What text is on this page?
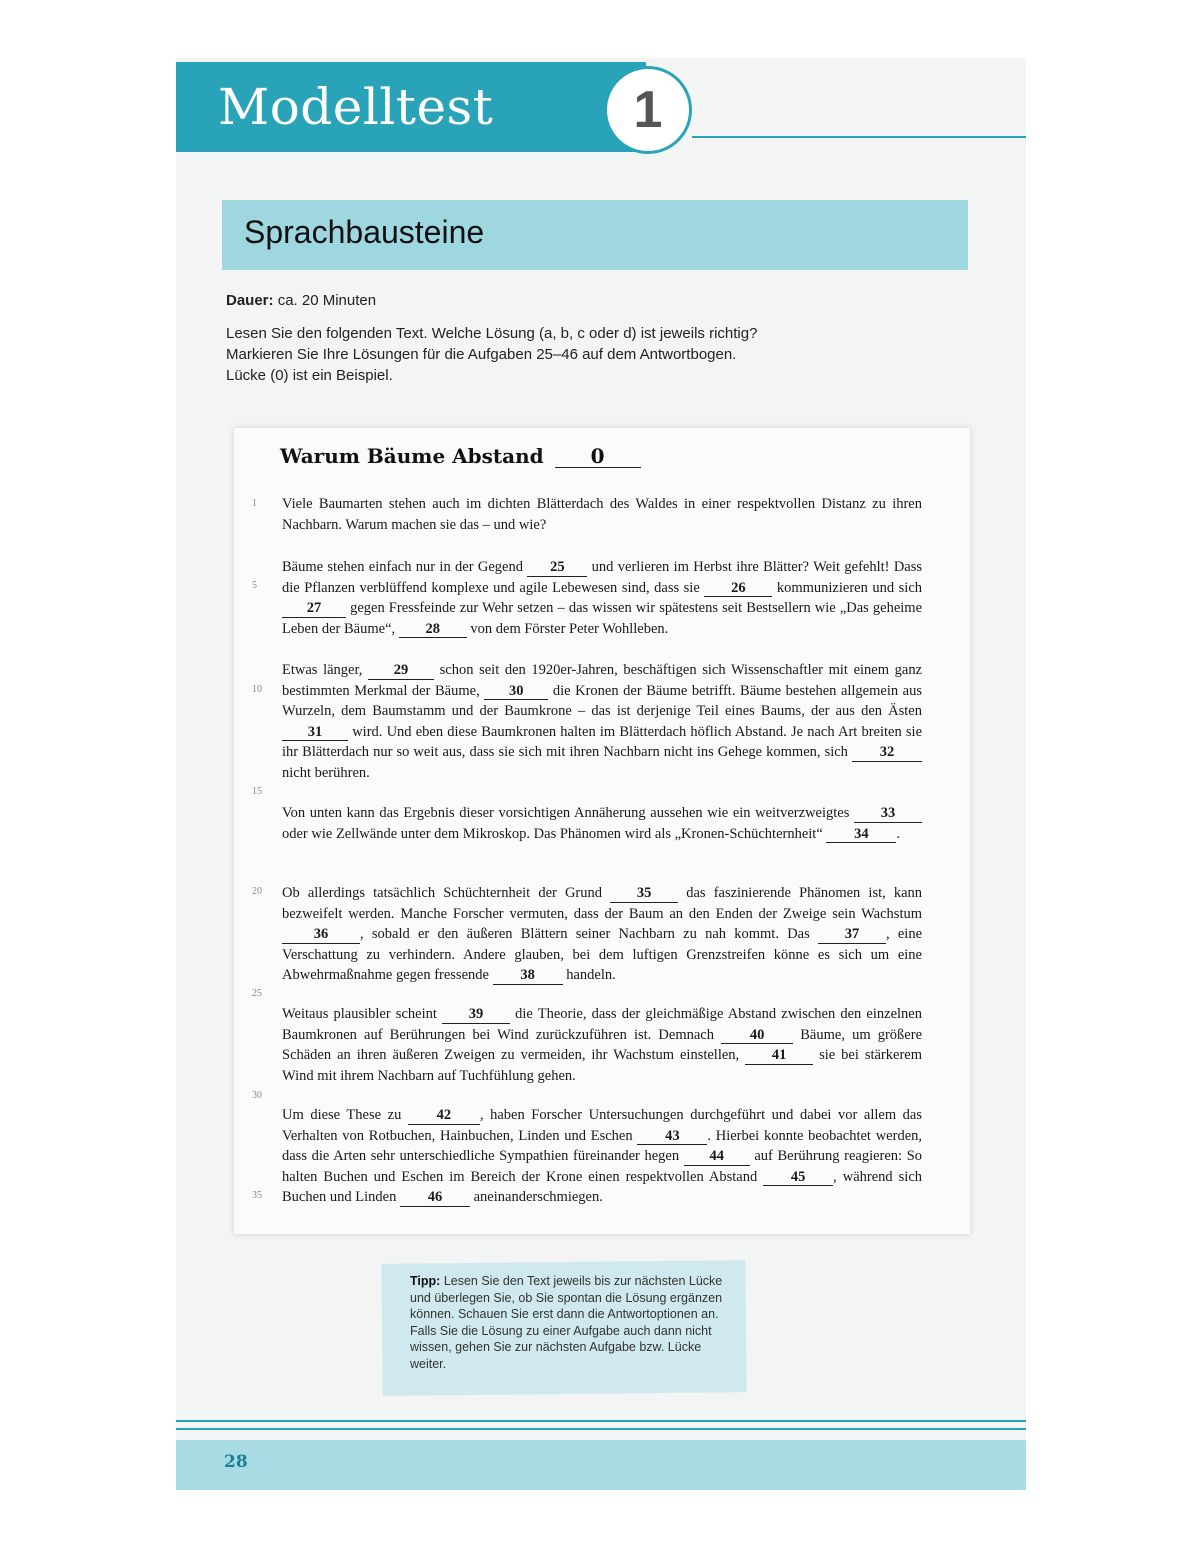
Modelltest	1
Sprachbausteine
Dauer: ca. 20 Minuten
Lesen Sie den folgenden Text. Welche Lösung (a, b, c oder d) ist jeweils richtig?
Markieren Sie Ihre Lösungen für die Aufgaben 25–46 auf dem Antwortbogen.
Lücke (0) ist ein Beispiel.
Warum Bäume Abstand 0
1
5
10
15
20
25
30
35
Viele Baumarten stehen auch im dichten Blätterdach des Waldes in einer respektvollen Distanz zu ihren Nachbarn. Warum machen sie das – und wie?
Bäume stehen einfach nur in der Gegend 25 und verlieren im Herbst ihre Blätter? Weit gefehlt! Dass die Pflanzen verblüffend komplexe und agile Lebewesen sind, dass sie 26 kommunizieren und sich 27 gegen Fressfeinde zur Wehr setzen – das wissen wir spätestens seit Bestsellern wie „Das geheime Leben der Bäume“, 28 von dem Förster Peter Wohlleben.
Etwas länger, 29 schon seit den 1920er-Jahren, beschäftigen sich Wissenschaftler mit einem ganz bestimmten Merkmal der Bäume, 30 die Kronen der Bäume betrifft. Bäume bestehen allgemein aus Wurzeln, dem Baumstamm und der Baumkrone – das ist derjenige Teil eines Baums, der aus den Ästen 31 wird. Und eben diese Baumkronen halten im Blätterdach höflich Abstand. Je nach Art breiten sie ihr Blätterdach nur so weit aus, dass sie sich mit ihren Nachbarn nicht ins Gehege kommen, sich 32 nicht berühren.
Von unten kann das Ergebnis dieser vorsichtigen Annäherung aussehen wie ein weitverzweigtes 33 oder wie Zellwände unter dem Mikroskop. Das Phänomen wird als „Kronen-Schüchternheit“ 34 .
Ob allerdings tatsächlich Schüchternheit der Grund 35 das faszinierende Phänomen ist, kann bezweifelt werden. Manche Forscher vermuten, dass der Baum an den Enden der Zweige sein Wachstum 36 , sobald er den äußeren Blättern seiner Nachbarn zu nah kommt. Das 37 , eine Verschattung zu verhindern. Andere glauben, bei dem luftigen Grenzstreifen könne es sich um eine Abwehrmaßnahme gegen fressende 38 handeln.
Weitaus plausibler scheint 39 die Theorie, dass der gleichmäßige Abstand zwischen den einzelnen Baumkronen auf Berührungen bei Wind zurückzuführen ist. Demnach 40 Bäume, um größere Schäden an ihren äußeren Zweigen zu vermeiden, ihr Wachstum einstellen, 41 sie bei stärkerem Wind mit ihrem Nachbarn auf Tuchfühlung gehen.
Um diese These zu 42 , haben Forscher Untersuchungen durchgeführt und dabei vor allem das Verhalten von Rotbuchen, Hainbuchen, Linden und Eschen 43 . Hierbei konnte beobachtet werden, dass die Arten sehr unterschiedliche Sympathien füreinander hegen 44 auf Berührung reagieren: So halten Buchen und Eschen im Bereich der Krone einen respektvollen Abstand 45 , während sich Buchen und Linden 46 aneinanderschmiegen.
Tipp: Lesen Sie den Text jeweils bis zur nächsten Lücke und überlegen Sie, ob Sie spontan die Lösung ergänzen können. Schauen Sie erst dann die Antwortoptionen an. Falls Sie die Lösung zu einer Aufgabe auch dann nicht wissen, gehen Sie zur nächsten Aufgabe bzw. Lücke weiter.
28
